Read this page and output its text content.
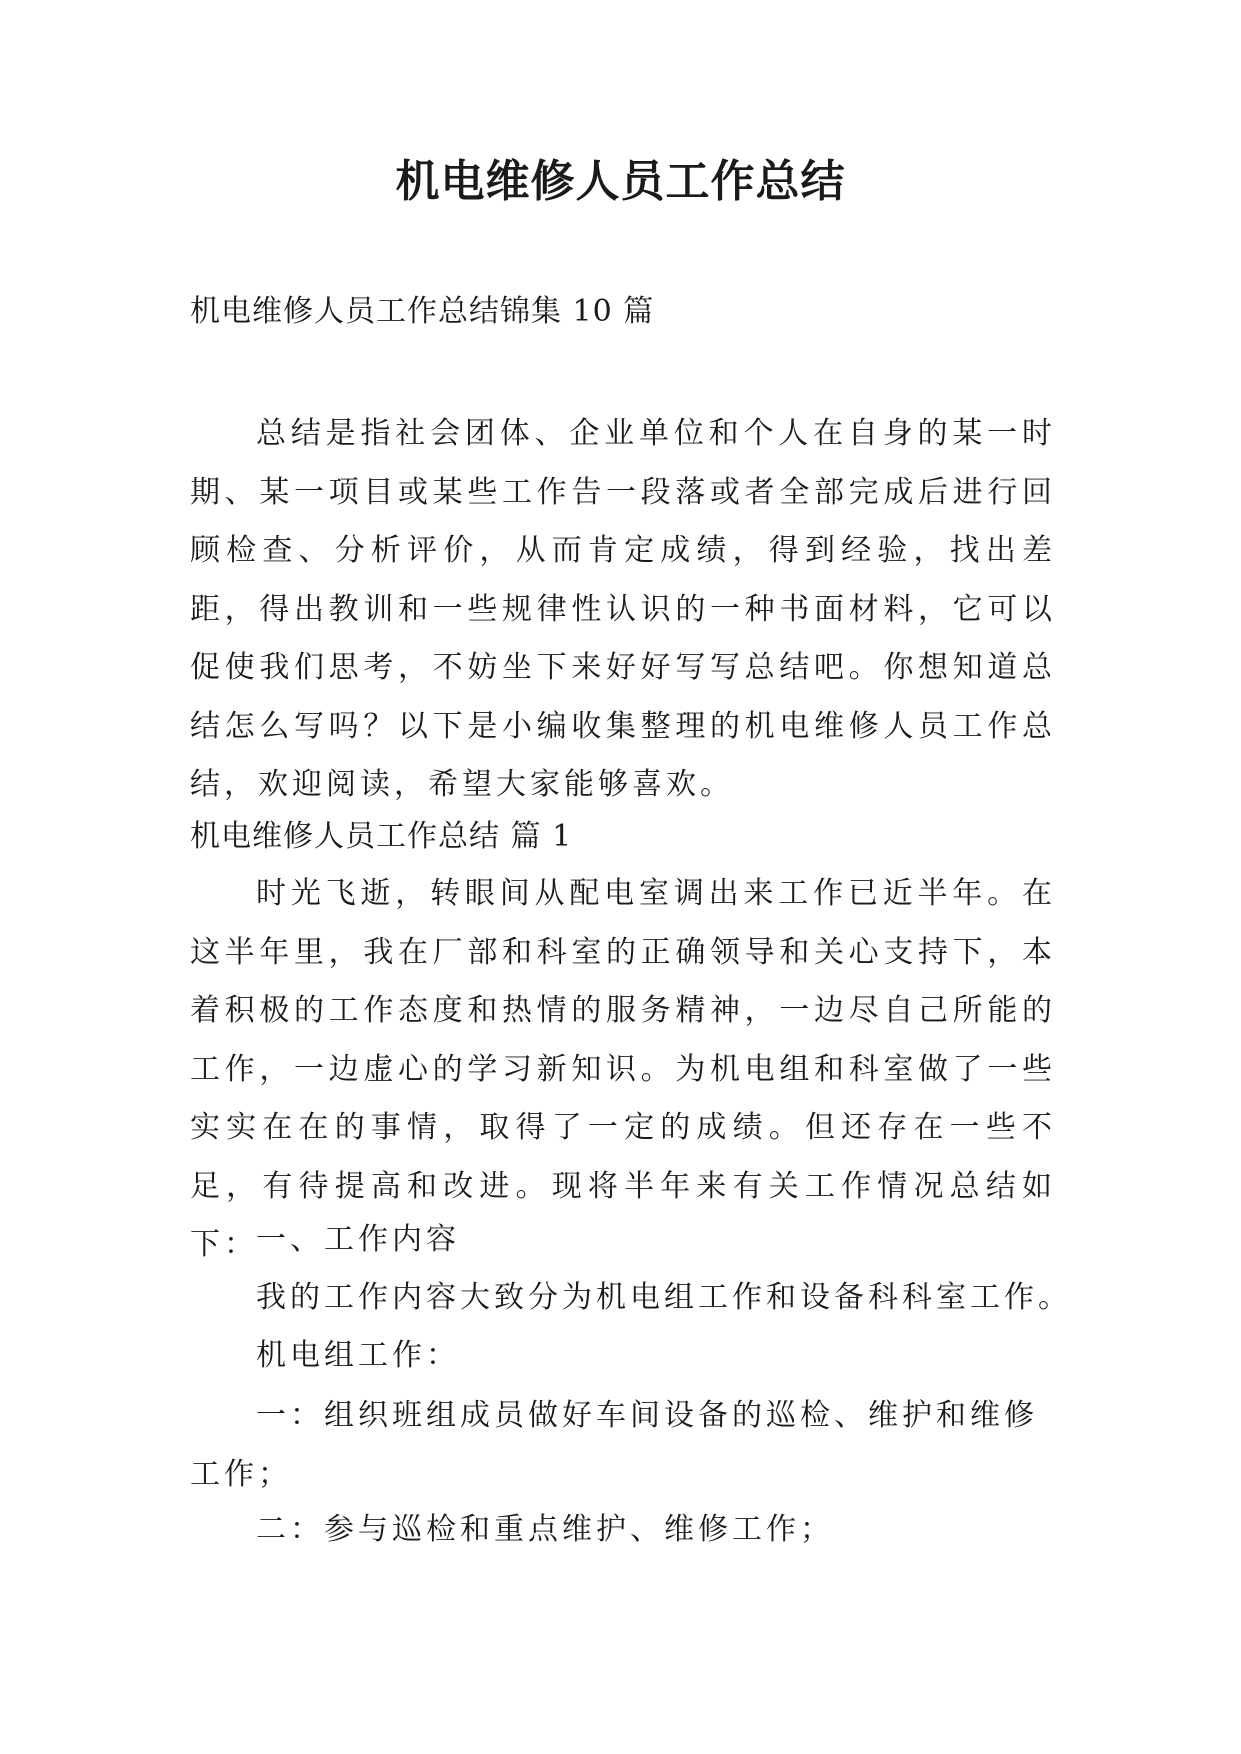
机电维修人员工作总结

机电维修人员工作总结锦集 10 篇

总结是指社会团体、企业单位和个人在自身的某一时期、某一项目或某些工作告一段落或者全部完成后进行回顾检查、分析评价，从而肯定成绩，得到经验，找出差距，得出教训和一些规律性认识的一种书面材料，它可以促使我们思考，不妨坐下来好好写写总结吧。你想知道总结怎么写吗？以下是小编收集整理的机电维修人员工作总结，欢迎阅读，希望大家能够喜欢。

机电维修人员工作总结 篇 1

时光飞逝，转眼间从配电室调出来工作已近半年。在这半年里，我在厂部和科室的正确领导和关心支持下，本着积极的工作态度和热情的服务精神，一边尽自己所能的工作，一边虚心的学习新知识。为机电组和科室做了一些实实在在的事情，取得了一定的成绩。但还存在一些不足，有待提高和改进。现将半年来有关工作情况总结如下：

一、工作内容

我的工作内容大致分为机电组工作和设备科科室工作。

机电组工作：

一：组织班组成员做好车间设备的巡检、维护和维修工作；

二：参与巡检和重点维护、维修工作；
